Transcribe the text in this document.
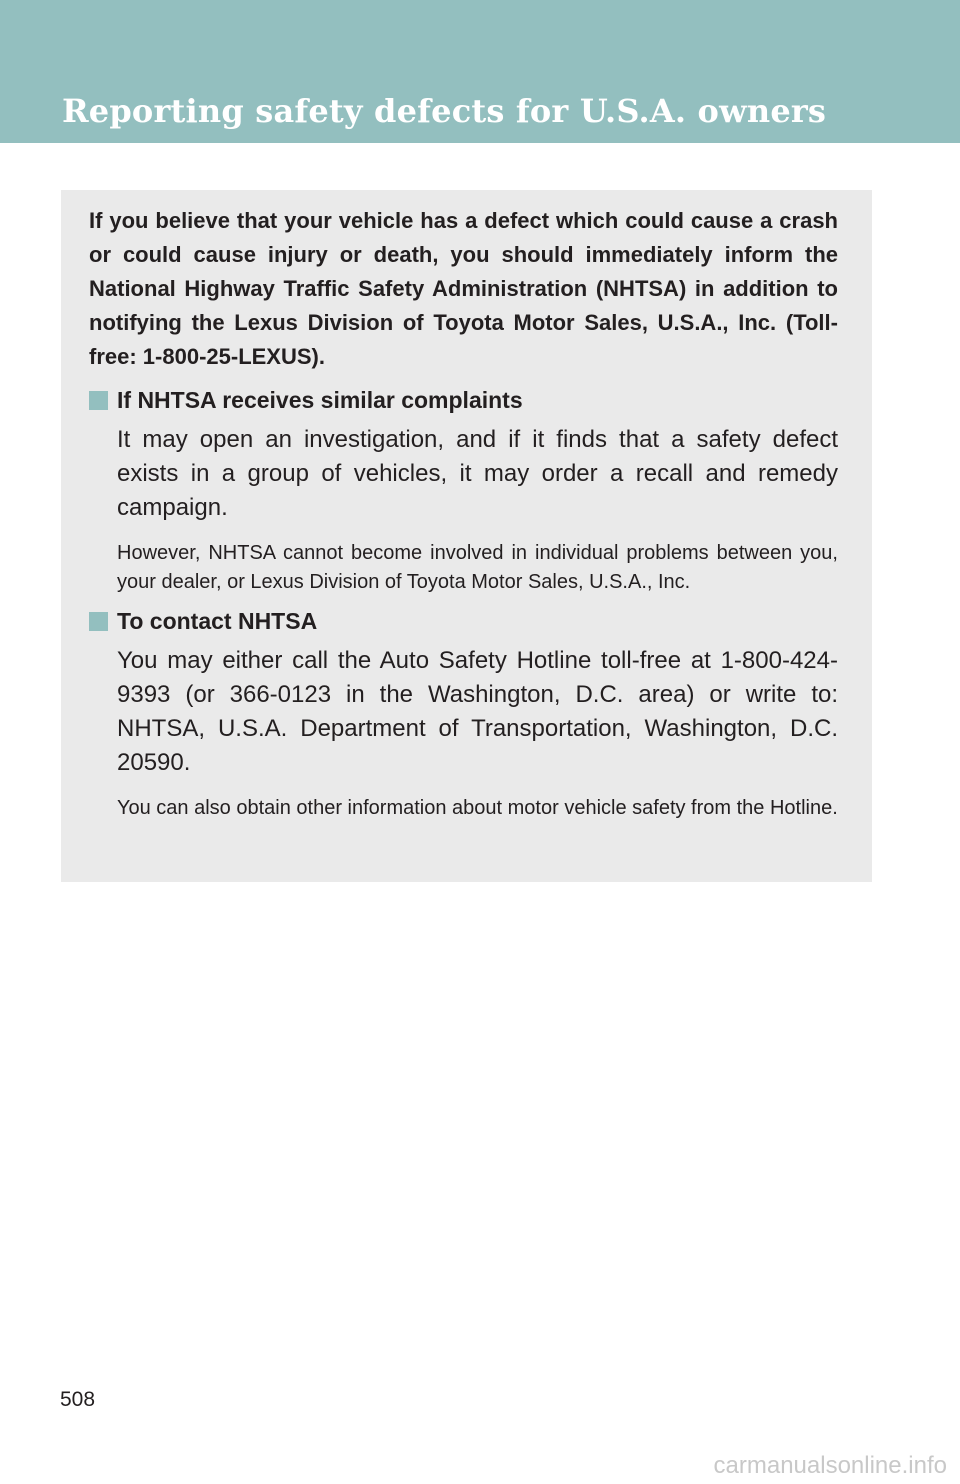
Reporting safety defects for U.S.A. owners

If you believe that your vehicle has a defect which could cause a crash or could cause injury or death, you should immediately inform the National Highway Traffic Safety Administration (NHTSA) in addition to notifying the Lexus Division of Toyota Motor Sales, U.S.A., Inc. (Toll-free: 1-800-25-LEXUS).

If NHTSA receives similar complaints
It may open an investigation, and if it finds that a safety defect exists in a group of vehicles, it may order a recall and remedy campaign.
However, NHTSA cannot become involved in individual problems between you, your dealer, or Lexus Division of Toyota Motor Sales, U.S.A., Inc.
To contact NHTSA
You may either call the Auto Safety Hotline toll-free at 1-800-424-9393 (or 366-0123 in the Washington, D.C. area) or write to: NHTSA, U.S.A. Department of Transportation, Washington, D.C. 20590.
You can also obtain other information about motor vehicle safety from the Hotline.
508
carmanualsonline.info
